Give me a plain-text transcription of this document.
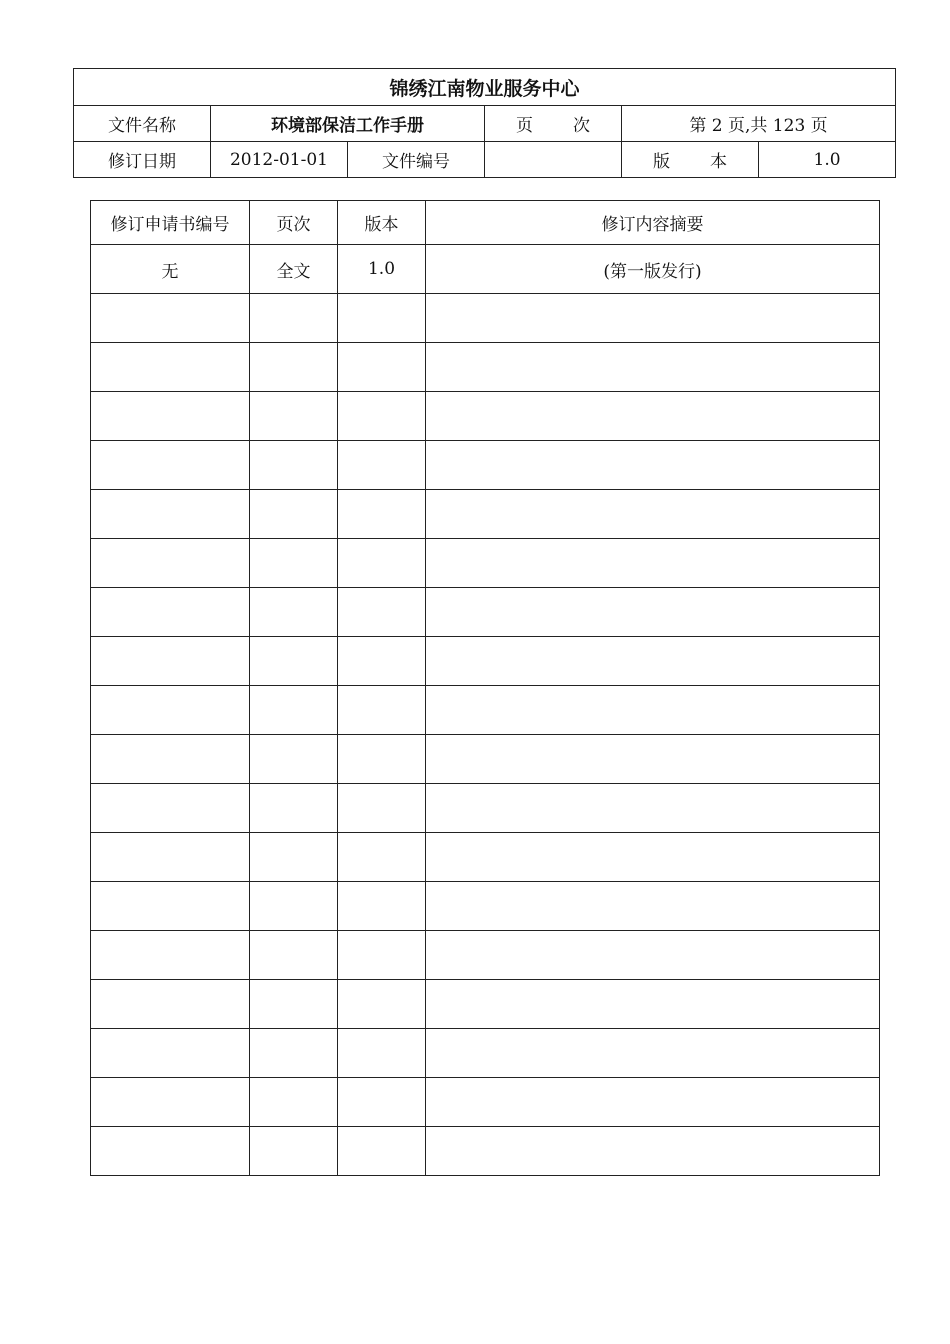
锦绣江南物业服务中心					
文件名称	环境部保洁工作手册		页 次	第 2 页,共 123 页	
修订日期	2012-01-01	文件编号		版 本	1.0
修订申请书编号	页次	版本	修订内容摘要
无	全文	1.0	(第一版发行)
